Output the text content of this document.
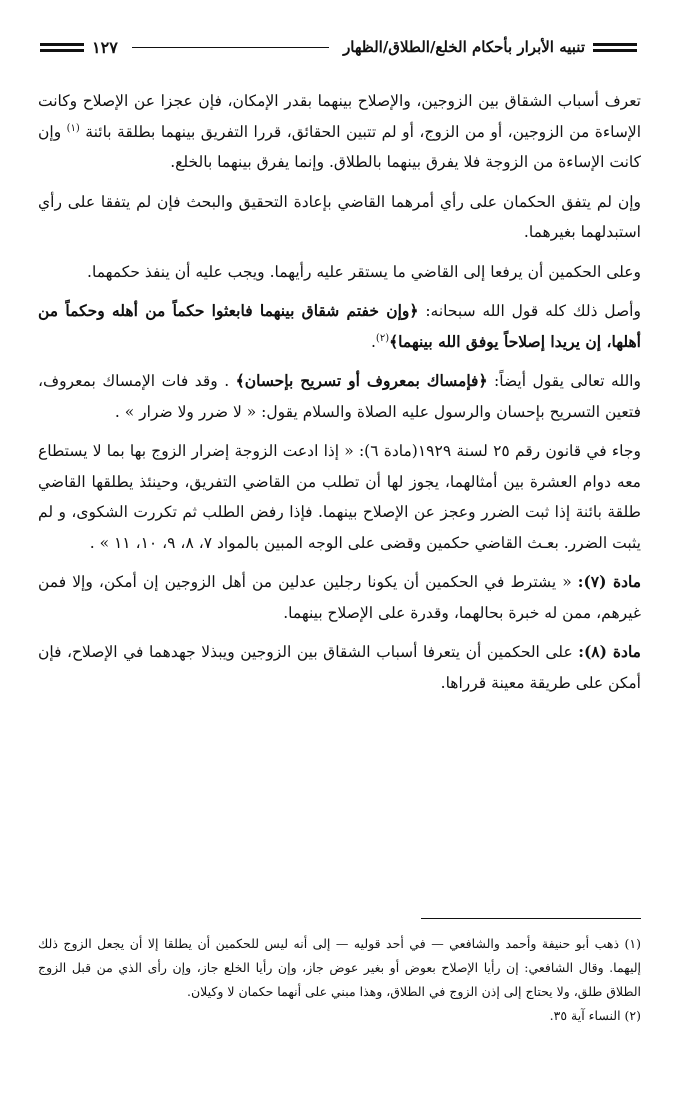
تنبيه الأبرار بأحكام الخلع/الطلاق/الظهار
١٢٧

تعرف أسباب الشقاق بين الزوجين، والإصلاح بينهما بقدر الإمكان، فإن عجزا عن الإصلاح وكانت الإساءة من الزوجين، أو من الزوج، أو لم تتبين الحقائق، قررا التفريق بينهما بطلقة بائنة $^{(١)}$ وإن كانت الإساءة من الزوجة فلا يفرق بينهما بالطلاق. وإنما يفرق بينهما بالخلع.

وإن لم يتفق الحكمان على رأي أمرهما القاضي بإعادة التحقيق والبحث فإن لم يتفقا على رأي استبدلهما بغيرهما.

وعلى الحكمين أن يرفعا إلى القاضي ما يستقر عليه رأيهما. ويجب عليه أن ينفذ حكمهما.

وأصل ذلك كله قول الله سبحانه: ﴿وإن خفتم شقاق بينهما فابعثوا حكماً من أهله وحكماً من أهلها، إن يريدا إصلاحاً يوفق الله بينهما﴾$^{(٢)}$.

والله تعالى يقول أيضاً: ﴿فإمساك بمعروف أو تسريح بإحسان﴾ . وقد فات الإمساك بمعروف، فتعين التسريح بإحسان والرسول عليه الصلاة والسلام يقول: « لا ضرر ولا ضرار » .

وجاء في قانون رقم ٢٥ لسنة ١٩٢٩(مادة ٦): « إذا ادعت الزوجة إضرار الزوج بها بما لا يستطاع معه دوام العشرة بين أمثالهما، يجوز لها أن تطلب من القاضي التفريق، وحينئذ يطلقها القاضي طلقة بائنة إذا ثبت الضرر وعجز عن الإصلاح بينهما. فإذا رفض الطلب ثم تكررت الشكوى، و لم يثبت الضرر. بعـث القاضي حكمين وقضى على الوجه المبين بالمواد ٧، ٨، ٩، ١٠، ١١ » .

مادة (٧): « يشترط في الحكمين أن يكونا رجلين عدلين من أهل الزوجين إن أمكن، وإلا فمن غيرهم، ممن له خبرة بحالهما، وقدرة على الإصلاح بينهما.

مادة (٨): على الحكمين أن يتعرفا أسباب الشقاق بين الزوجين ويبذلا جهدهما في الإصلاح، فإن أمكن على طريقة معينة قرراها.

(١) ذهب أبو حنيفة وأحمد والشافعي — في أحد قوليه — إلى أنه ليس للحكمين أن يطلقا إلا أن يجعل الزوج ذلك إليهما. وقال الشافعي: إن رأيا الإصلاح بعوض أو بغير عوض جاز، وإن رأيا الخلع جاز، وإن رأى الذي من قبل الزوج الطلاق طلق، ولا يحتاج إلى إذن الزوج في الطلاق، وهذا مبني على أنهما حكمان لا وكيلان.

(٢) النساء آية ٣٥.
